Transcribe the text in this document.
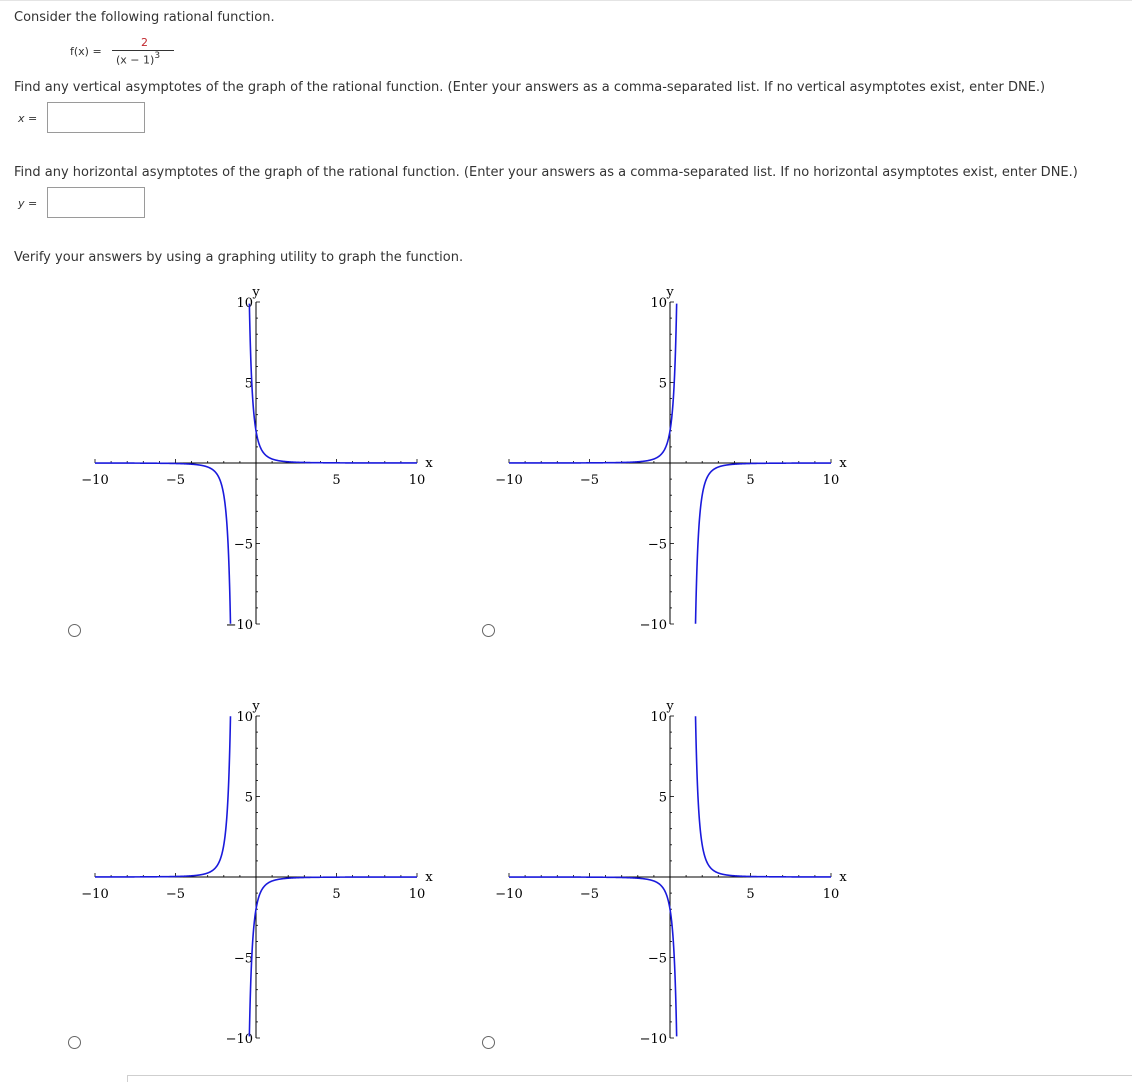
Consider the following rational function.
f(x) =
2
$(x - 1)^3$
Find any vertical asymptotes of the graph of the rational function. (Enter your answers as a comma-separated list. If no vertical asymptotes exist, enter DNE.)
x =
Find any horizontal asymptotes of the graph of the rational function. (Enter your answers as a comma-separated list. If no horizontal asymptotes exist, enter DNE.)
y =
Verify your answers by using a graphing utility to graph the function.
−10	−5	5	10
10
5
−5
−10
x
y
−10	−5	5	10
10
5
−5
−10
x
y
−10	−5	5	10
10
5
−5
−10
x
y
−10	−5	5	10
10
5
−5
−10
x
y
